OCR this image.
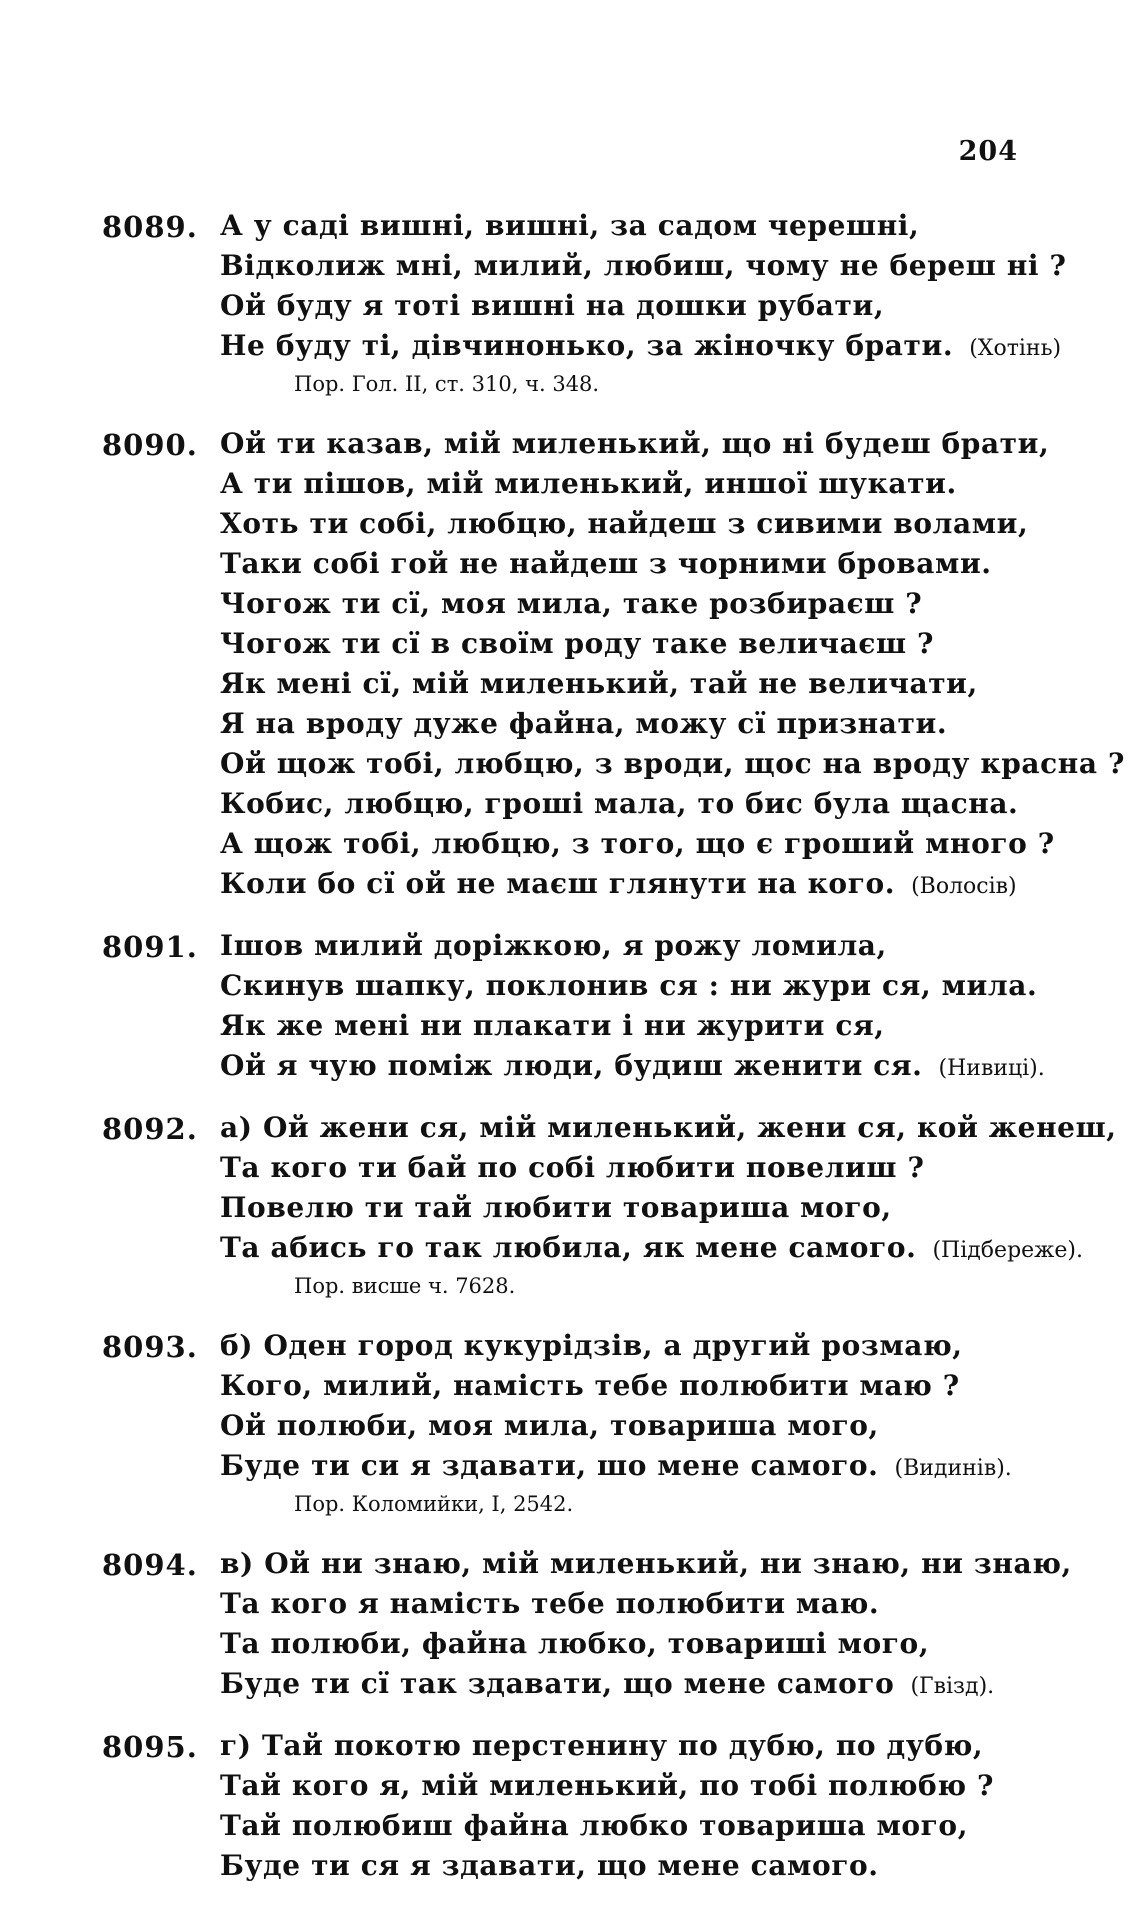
204
8089. А у саді вишні, вишні, за садом черешні,
Відколиж мні, милий, любиш, чому не береш ні ?
Ой буду я тоті вишні на дошки рубати,
Не буду ті, дівчинонько, за жіночку брати. (Хотінь)
Пор. Гол. II, ст. 310, ч. 348.
8090. Ой ти казав, мій миленький, що ні будеш брати,
А ти пішов, мій миленький, иншої шукати.
Хоть ти собі, любцю, найдеш з сивими волами,
Таки собі гой не найдеш з чорними бровами.
Чогож ти сї, моя мила, таке розбираєш ?
Чогож ти сї в своїм роду таке величаєш ?
Як мені сї, мій миленький, тай не величати,
Я на вроду дуже файна, можу сї признати.
Ой щож тобі, любцю, з вроди, щос на вроду красна ?
Кобис, любцю, гроші мала, то бис була щасна.
А щож тобі, любцю, з того, що є гроший много ?
Коли бо сї ой не маєш глянути на кого. (Волосів)
8091. Ішов милий доріжкою, я рожу ломила,
Скинув шапку, поклонив ся : ни жури ся, мила.
Як же мені ни плакати і ни журити ся,
Ой я чую поміж люди, будиш женити ся. (Нивиці).
8092. а) Ой жени ся, мій миленький, жени ся, кой женеш,
Та кого ти бай по собі любити повелиш ?
Повелю ти тай любити товариша мого,
Та абись го так любила, як мене самого. (Підбереже).
Пор. висше ч. 7628.
8093. б) Оден город кукурідзів, а другий розмаю,
Кого, милий, намість тебе полюбити маю ?
Ой полюби, моя мила, товариша мого,
Буде ти си я здавати, шо мене самого. (Видинів).
Пор. Коломийки, I, 2542.
8094. в) Ой ни знаю, мій миленький, ни знаю, ни знаю,
Та кого я намість тебе полюбити маю.
Та полюби, файна любко, товариші мого,
Буде ти сї так здавати, що мене самого (Гвізд).
8095. г) Тай покотю перстенину по дубю, по дубю,
Тай кого я, мій миленький, по тобі полюбю ?
Тай полюбиш файна любко товариша мого,
Буде ти ся я здавати, що мене самого.
